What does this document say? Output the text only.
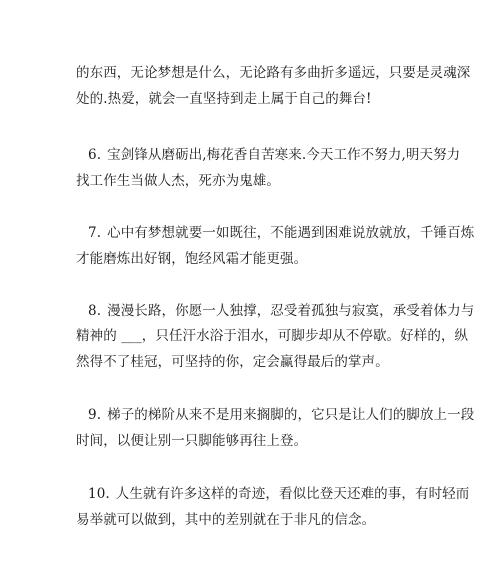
的东西，无论梦想是什么，无论路有多曲折多遥远，只要是灵魂深
处的.热爱，就会一直坚持到走上属于自己的舞台!
6. 宝剑锋从磨砺出,梅花香自苦寒来.今天工作不努力,明天努力
找工作生当做人杰，死亦为鬼雄。
7. 心中有梦想就要一如既往，不能遇到困难说放就放，千锤百炼
才能磨炼出好钢，饱经风霜才能更强。
8. 漫漫长路，你愿一人独撑，忍受着孤独与寂寞，承受着体力与
精神的 ___，只任汗水浴于泪水，可脚步却从不停歇。好样的，纵
然得不了桂冠，可坚持的你，定会赢得最后的掌声。
9. 梯子的梯阶从来不是用来搁脚的，它只是让人们的脚放上一段
时间，以便让别一只脚能够再往上登。
10. 人生就有许多这样的奇迹，看似比登天还难的事，有时轻而
易举就可以做到，其中的差别就在于非凡的信念。
